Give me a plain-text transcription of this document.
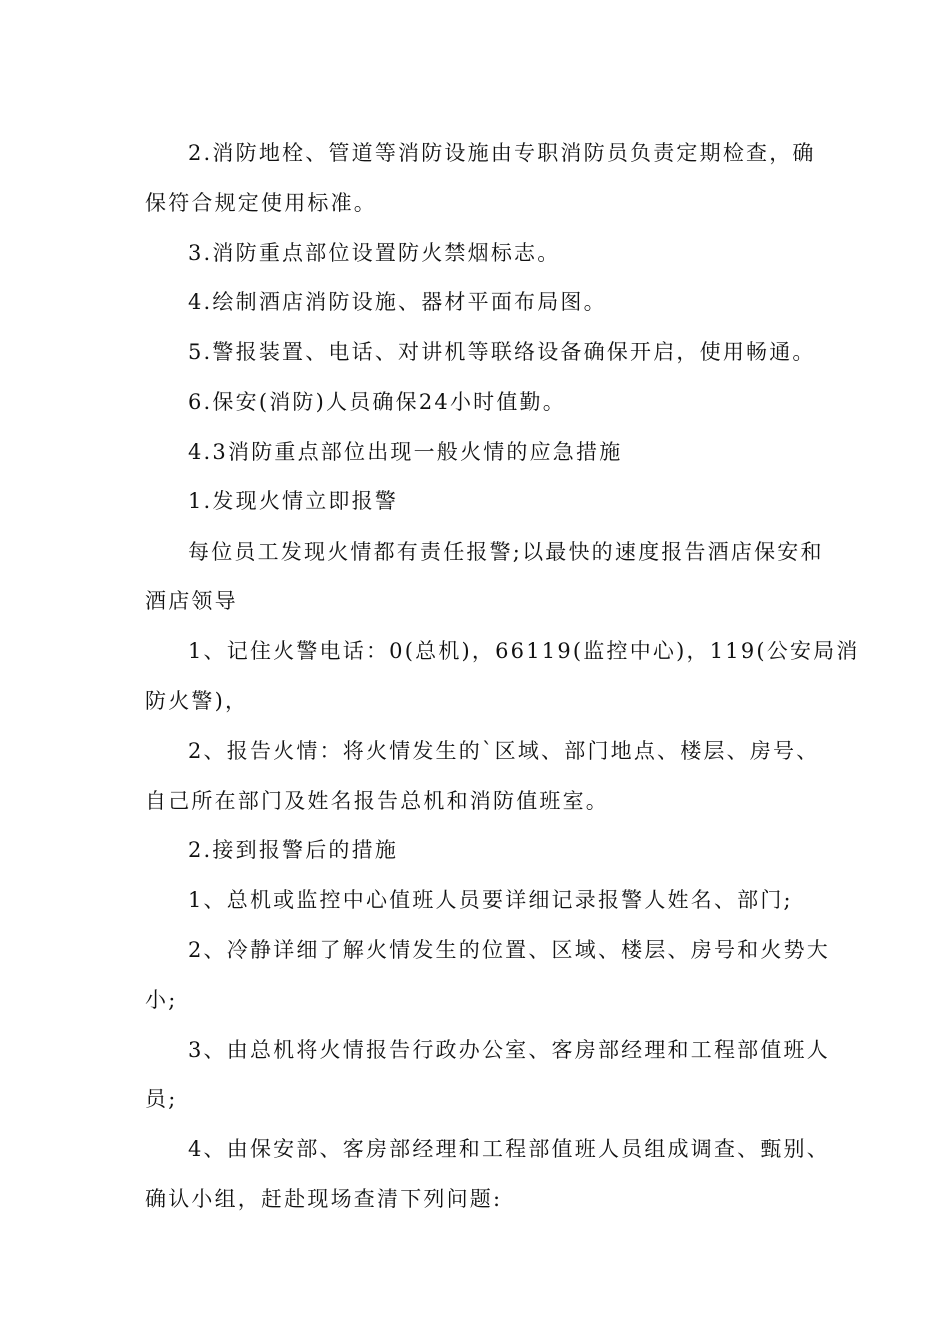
2.消防地栓、管道等消防设施由专职消防员负责定期检查，确
保符合规定使用标准。
3.消防重点部位设置防火禁烟标志。
4.绘制酒店消防设施、器材平面布局图。
5.警报装置、电话、对讲机等联络设备确保开启，使用畅通。
6.保安(消防)人员确保24小时值勤。
4.3消防重点部位出现一般火情的应急措施
1.发现火情立即报警
每位员工发现火情都有责任报警;以最快的速度报告酒店保安和
酒店领导
1、记住火警电话：0(总机)，66119(监控中心)，119(公安局消
防火警)，
2、报告火情：将火情发生的`区域、部门地点、楼层、房号、
自己所在部门及姓名报告总机和消防值班室。
2.接到报警后的措施
1、总机或监控中心值班人员要详细记录报警人姓名、部门;
2、冷静详细了解火情发生的位置、区域、楼层、房号和火势大
小;
3、由总机将火情报告行政办公室、客房部经理和工程部值班人
员;
4、由保安部、客房部经理和工程部值班人员组成调查、甄别、
确认小组，赶赴现场查清下列问题:
